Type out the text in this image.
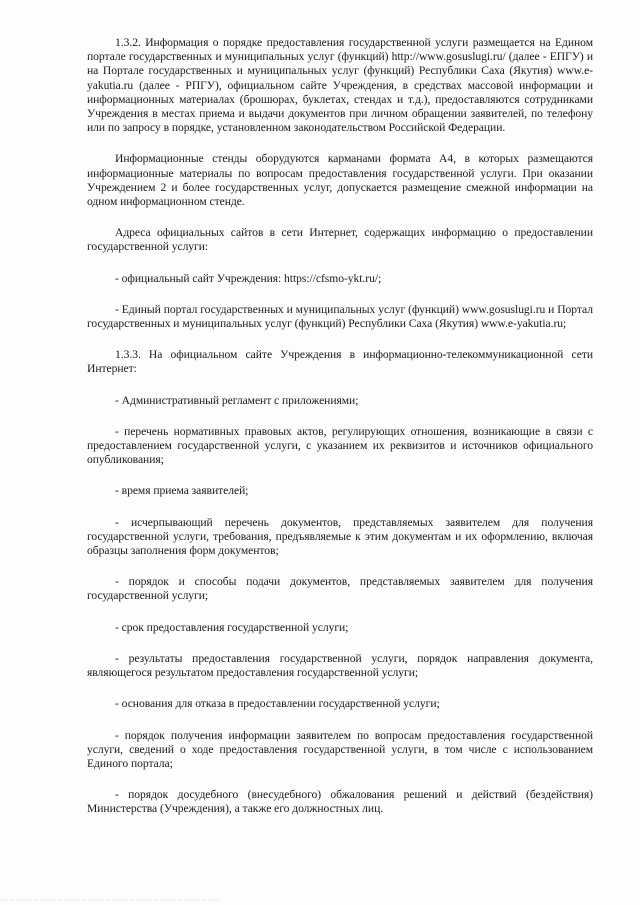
1.3.2. Информация о порядке предоставления государственной услуги размещается на Едином портале государственных и муниципальных услуг (функций) http://www.gosuslugi.ru/ (далее - ЕПГУ) и на Портале государственных и муниципальных услуг (функций) Республики Саха (Якутия) www.e-yakutia.ru (далее - РПГУ), официальном сайте Учреждения, в средствах массовой информации и информационных материалах (брошюрах, буклетах, стендах и т.д.), предоставляются сотрудниками Учреждения в местах приема и выдачи документов при личном обращении заявителей, по телефону или по запросу в порядке, установленном законодательством Российской Федерации.

Информационные стенды оборудуются карманами формата А4, в которых размещаются информационные материалы по вопросам предоставления государственной услуги. При оказании Учреждением 2 и более государственных услуг, допускается размещение смежной информации на одном информационном стенде.

Адреса официальных сайтов в сети Интернет, содержащих информацию о предоставлении государственной услуги:

- официальный сайт Учреждения: https://cfsmo-ykt.ru/;

- Единый портал государственных и муниципальных услуг (функций) www.gosuslugi.ru и Портал государственных и муниципальных услуг (функций) Республики Саха (Якутия) www.e-yakutia.ru;

1.3.3. На официальном сайте Учреждения в информационно-телекоммуникационной сети Интернет:

- Административный регламент с приложениями;

- перечень нормативных правовых актов, регулирующих отношения, возникающие в связи с предоставлением государственной услуги, с указанием их реквизитов и источников официального опубликования;

- время приема заявителей;

- исчерпывающий перечень документов, представляемых заявителем для получения государственной услуги, требования, предъявляемые к этим документам и их оформлению, включая образцы заполнения форм документов;

- порядок и способы подачи документов, представляемых заявителем для получения государственной услуги;

- срок предоставления государственной услуги;

- результаты предоставления государственной услуги, порядок направления документа, являющегося результатом предоставления государственной услуги;

- основания для отказа в предоставлении государственной услуги;

- порядок получения информации заявителем по вопросам предоставления государственной услуги, сведений о ходе предоставления государственной услуги, в том числе с использованием Единого портала;

- порядок досудебного (внесудебного) обжалования решений и действий (бездействия) Министерства (Учреждения), а также его должностных лиц.
